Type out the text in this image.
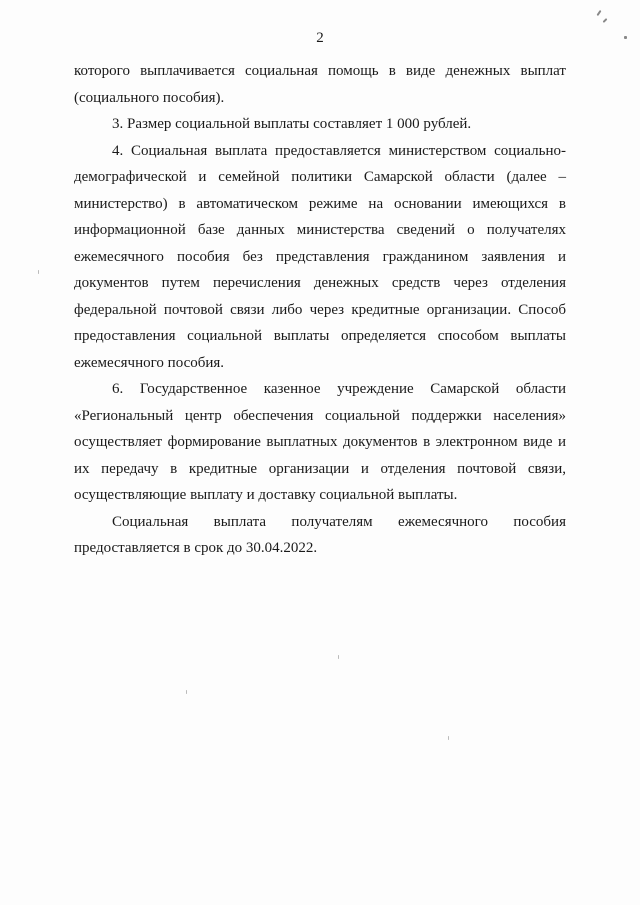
2

которого выплачивается социальная помощь в виде денежных выплат (социального пособия).

3. Размер социальной выплаты составляет 1 000 рублей.

4. Социальная выплата предоставляется министерством социально-демографической и семейной политики Самарской области (далее – министерство) в автоматическом режиме на основании имеющихся в информационной базе данных министерства сведений о получателях ежемесячного пособия без представления гражданином заявления и документов путем перечисления денежных средств через отделения федеральной почтовой связи либо через кредитные организации. Способ предоставления социальной выплаты определяется способом выплаты ежемесячного пособия.

6. Государственное казенное учреждение Самарской области «Региональный центр обеспечения социальной поддержки населения» осуществляет формирование выплатных документов в электронном виде и их передачу в кредитные организации и отделения почтовой связи, осуществляющие выплату и доставку социальной выплаты.

Социальная выплата получателям ежемесячного пособия предоставляется в срок до 30.04.2022.
